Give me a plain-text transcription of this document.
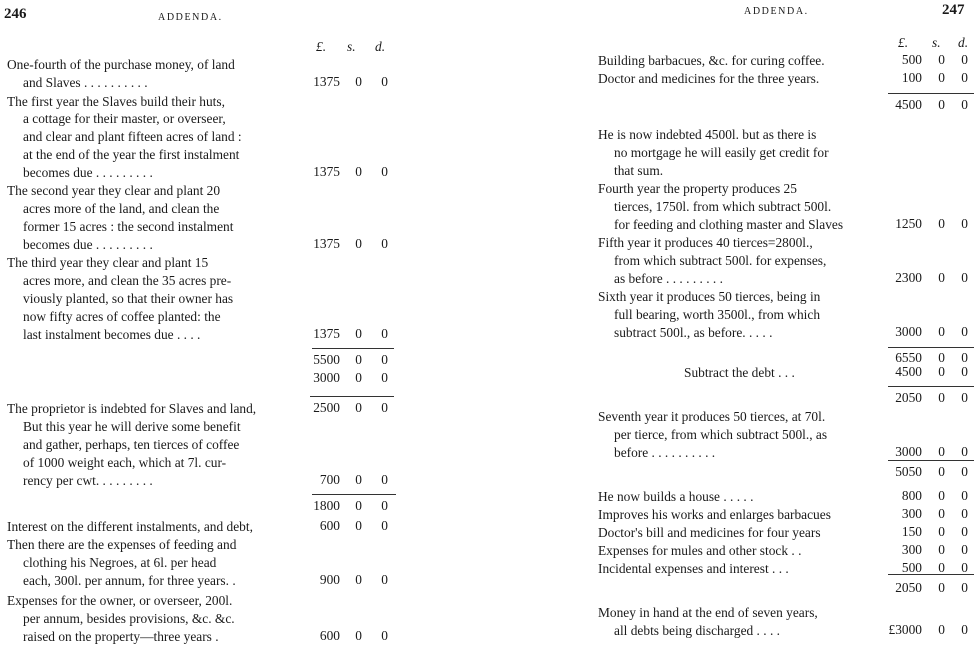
246	ADDENDA.
£. s. d.
One-fourth of the purchase money, of land
and Slaves . . . . . . . . . .	1375 0 0
The first year the Slaves build their huts,
a cottage for their master, or overseer,
and clear and plant fifteen acres of land :
at the end of the year the first instalment
becomes due . . . . . . . . .	1375 0 0
The second year they clear and plant 20
acres more of the land, and clean the
former 15 acres : the second instalment
becomes due . . . . . . . . .	1375 0 0
The third year they clear and plant 15
acres more, and clean the 35 acres pre-
viously planted, so that their owner has
now fifty acres of coffee planted: the
last instalment becomes due . . . .	1375 0 0
5500 0 0
3000 0 0
The proprietor is indebted for Slaves and land,	2500 0 0
But this year he will derive some benefit
and gather, perhaps, ten tierces of coffee
of 1000 weight each, which at 7l. cur-
rency per cwt. . . . . . . . .	700 0 0
1800 0 0
Interest on the different instalments, and debt,	600 0 0
Then there are the expenses of feeding and
clothing his Negroes, at 6l. per head
each, 300l. per annum, for three years. .	900 0 0
Expenses for the owner, or overseer, 200l.
per annum, besides provisions, &c. &c.
raised on the property—three years .	600 0 0
ADDENDA.	247
£. s. d.
Building barbacues, &c. for curing coffee.	500 0 0
Doctor and medicines for the three years.	100 0 0
4500 0 0
He is now indebted 4500l. but as there is
no mortgage he will easily get credit for
that sum.
Fourth year the property produces 25
tierces, 1750l. from which subtract 500l.
for feeding and clothing master and Slaves	1250 0 0
Fifth year it produces 40 tierces=2800l.,
from which subtract 500l. for expenses,
as before . . . . . . . . .	2300 0 0
Sixth year it produces 50 tierces, being in
full bearing, worth 3500l., from which
subtract 500l., as before. . . . .	3000 0 0
6550 0 0
Subtract the debt . . .	4500 0 0
2050 0 0
Seventh year it produces 50 tierces, at 70l.
per tierce, from which subtract 500l., as
before . . . . . . . . . .	3000 0 0
5050 0 0
He now builds a house . . . . .	800 0 0
Improves his works and enlarges barbacues	300 0 0
Doctor's bill and medicines for four years	150 0 0
Expenses for mules and other stock . .	300 0 0
Incidental expenses and interest . . .	500 0 0
2050 0 0
Money in hand at the end of seven years,
all debts being discharged . . . .	£3000 0 0
